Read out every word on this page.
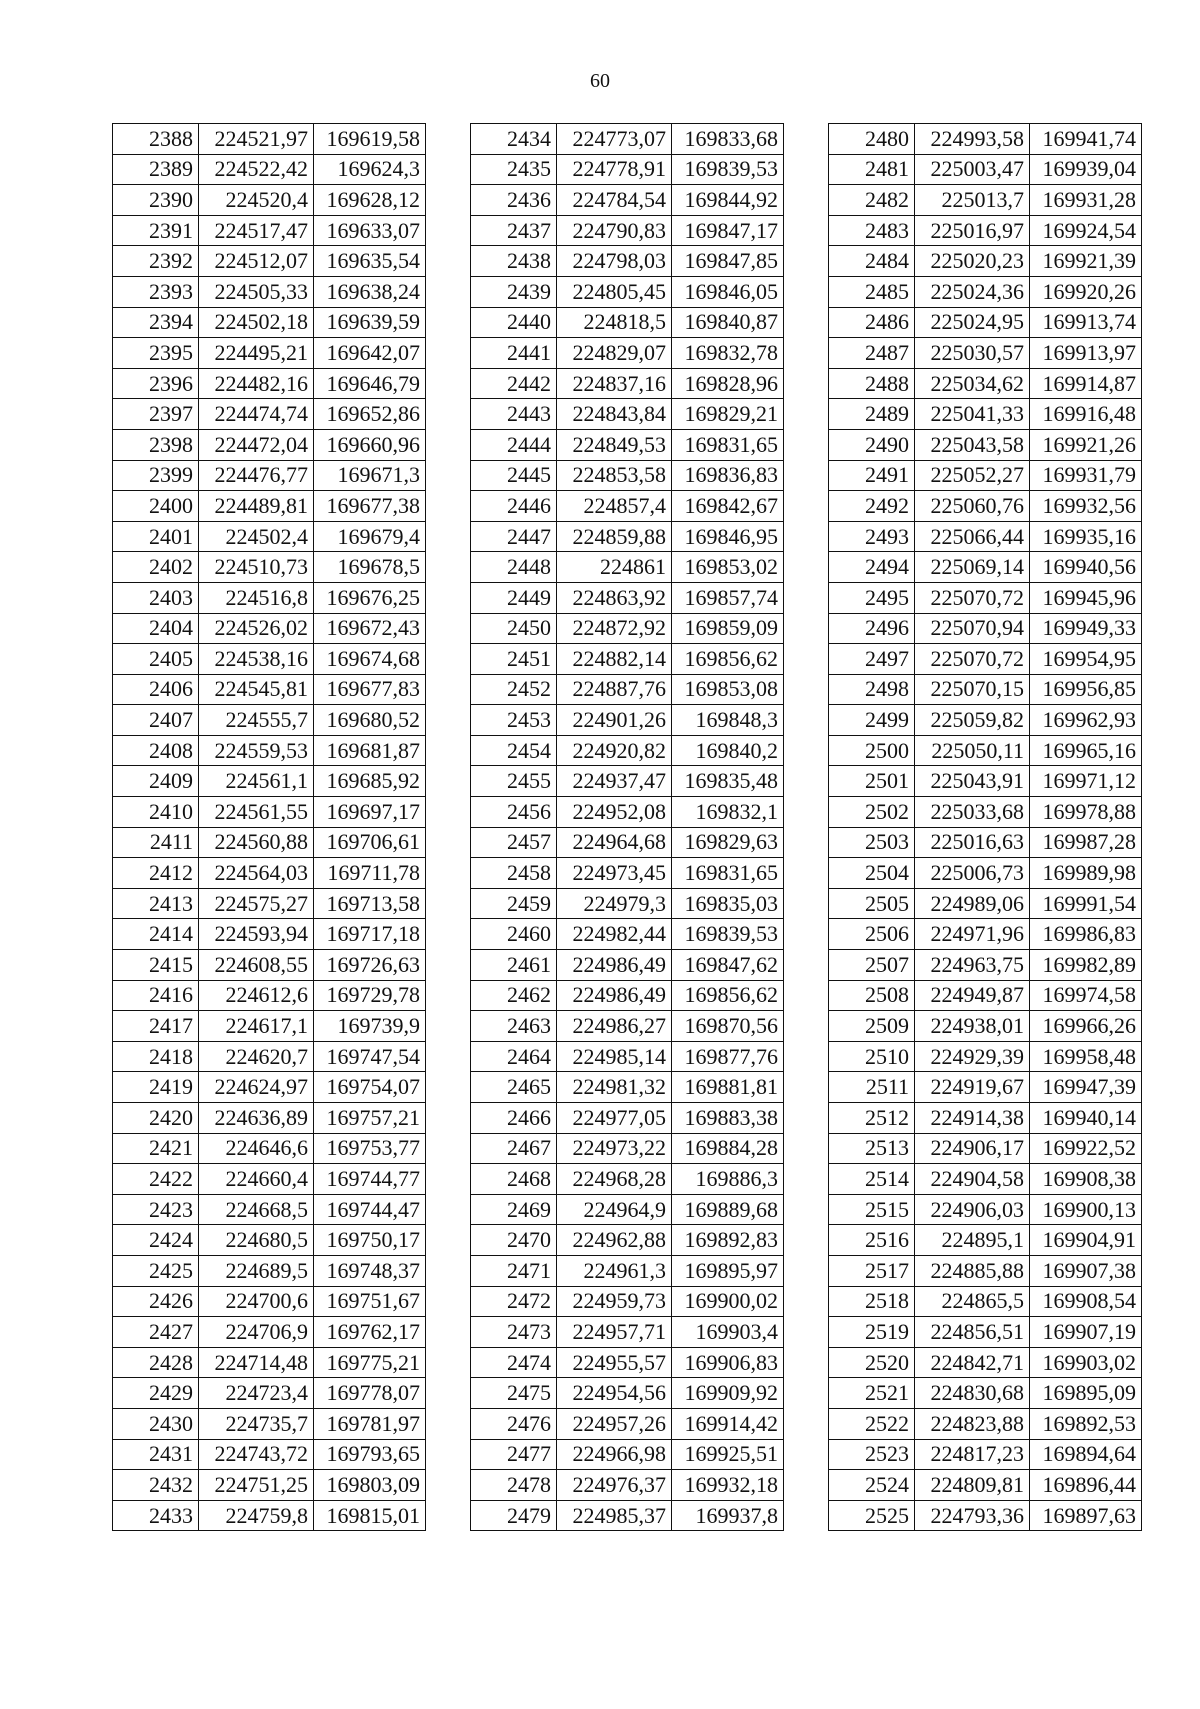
60
2388	224521,97	169619,58
2389	224522,42	169624,3
2390	224520,4	169628,12
2391	224517,47	169633,07
2392	224512,07	169635,54
2393	224505,33	169638,24
2394	224502,18	169639,59
2395	224495,21	169642,07
2396	224482,16	169646,79
2397	224474,74	169652,86
2398	224472,04	169660,96
2399	224476,77	169671,3
2400	224489,81	169677,38
2401	224502,4	169679,4
2402	224510,73	169678,5
2403	224516,8	169676,25
2404	224526,02	169672,43
2405	224538,16	169674,68
2406	224545,81	169677,83
2407	224555,7	169680,52
2408	224559,53	169681,87
2409	224561,1	169685,92
2410	224561,55	169697,17
2411	224560,88	169706,61
2412	224564,03	169711,78
2413	224575,27	169713,58
2414	224593,94	169717,18
2415	224608,55	169726,63
2416	224612,6	169729,78
2417	224617,1	169739,9
2418	224620,7	169747,54
2419	224624,97	169754,07
2420	224636,89	169757,21
2421	224646,6	169753,77
2422	224660,4	169744,77
2423	224668,5	169744,47
2424	224680,5	169750,17
2425	224689,5	169748,37
2426	224700,6	169751,67
2427	224706,9	169762,17
2428	224714,48	169775,21
2429	224723,4	169778,07
2430	224735,7	169781,97
2431	224743,72	169793,65
2432	224751,25	169803,09
2433	224759,8	169815,01
2434	224773,07	169833,68
2435	224778,91	169839,53
2436	224784,54	169844,92
2437	224790,83	169847,17
2438	224798,03	169847,85
2439	224805,45	169846,05
2440	224818,5	169840,87
2441	224829,07	169832,78
2442	224837,16	169828,96
2443	224843,84	169829,21
2444	224849,53	169831,65
2445	224853,58	169836,83
2446	224857,4	169842,67
2447	224859,88	169846,95
2448	224861	169853,02
2449	224863,92	169857,74
2450	224872,92	169859,09
2451	224882,14	169856,62
2452	224887,76	169853,08
2453	224901,26	169848,3
2454	224920,82	169840,2
2455	224937,47	169835,48
2456	224952,08	169832,1
2457	224964,68	169829,63
2458	224973,45	169831,65
2459	224979,3	169835,03
2460	224982,44	169839,53
2461	224986,49	169847,62
2462	224986,49	169856,62
2463	224986,27	169870,56
2464	224985,14	169877,76
2465	224981,32	169881,81
2466	224977,05	169883,38
2467	224973,22	169884,28
2468	224968,28	169886,3
2469	224964,9	169889,68
2470	224962,88	169892,83
2471	224961,3	169895,97
2472	224959,73	169900,02
2473	224957,71	169903,4
2474	224955,57	169906,83
2475	224954,56	169909,92
2476	224957,26	169914,42
2477	224966,98	169925,51
2478	224976,37	169932,18
2479	224985,37	169937,8
2480	224993,58	169941,74
2481	225003,47	169939,04
2482	225013,7	169931,28
2483	225016,97	169924,54
2484	225020,23	169921,39
2485	225024,36	169920,26
2486	225024,95	169913,74
2487	225030,57	169913,97
2488	225034,62	169914,87
2489	225041,33	169916,48
2490	225043,58	169921,26
2491	225052,27	169931,79
2492	225060,76	169932,56
2493	225066,44	169935,16
2494	225069,14	169940,56
2495	225070,72	169945,96
2496	225070,94	169949,33
2497	225070,72	169954,95
2498	225070,15	169956,85
2499	225059,82	169962,93
2500	225050,11	169965,16
2501	225043,91	169971,12
2502	225033,68	169978,88
2503	225016,63	169987,28
2504	225006,73	169989,98
2505	224989,06	169991,54
2506	224971,96	169986,83
2507	224963,75	169982,89
2508	224949,87	169974,58
2509	224938,01	169966,26
2510	224929,39	169958,48
2511	224919,67	169947,39
2512	224914,38	169940,14
2513	224906,17	169922,52
2514	224904,58	169908,38
2515	224906,03	169900,13
2516	224895,1	169904,91
2517	224885,88	169907,38
2518	224865,5	169908,54
2519	224856,51	169907,19
2520	224842,71	169903,02
2521	224830,68	169895,09
2522	224823,88	169892,53
2523	224817,23	169894,64
2524	224809,81	169896,44
2525	224793,36	169897,63
